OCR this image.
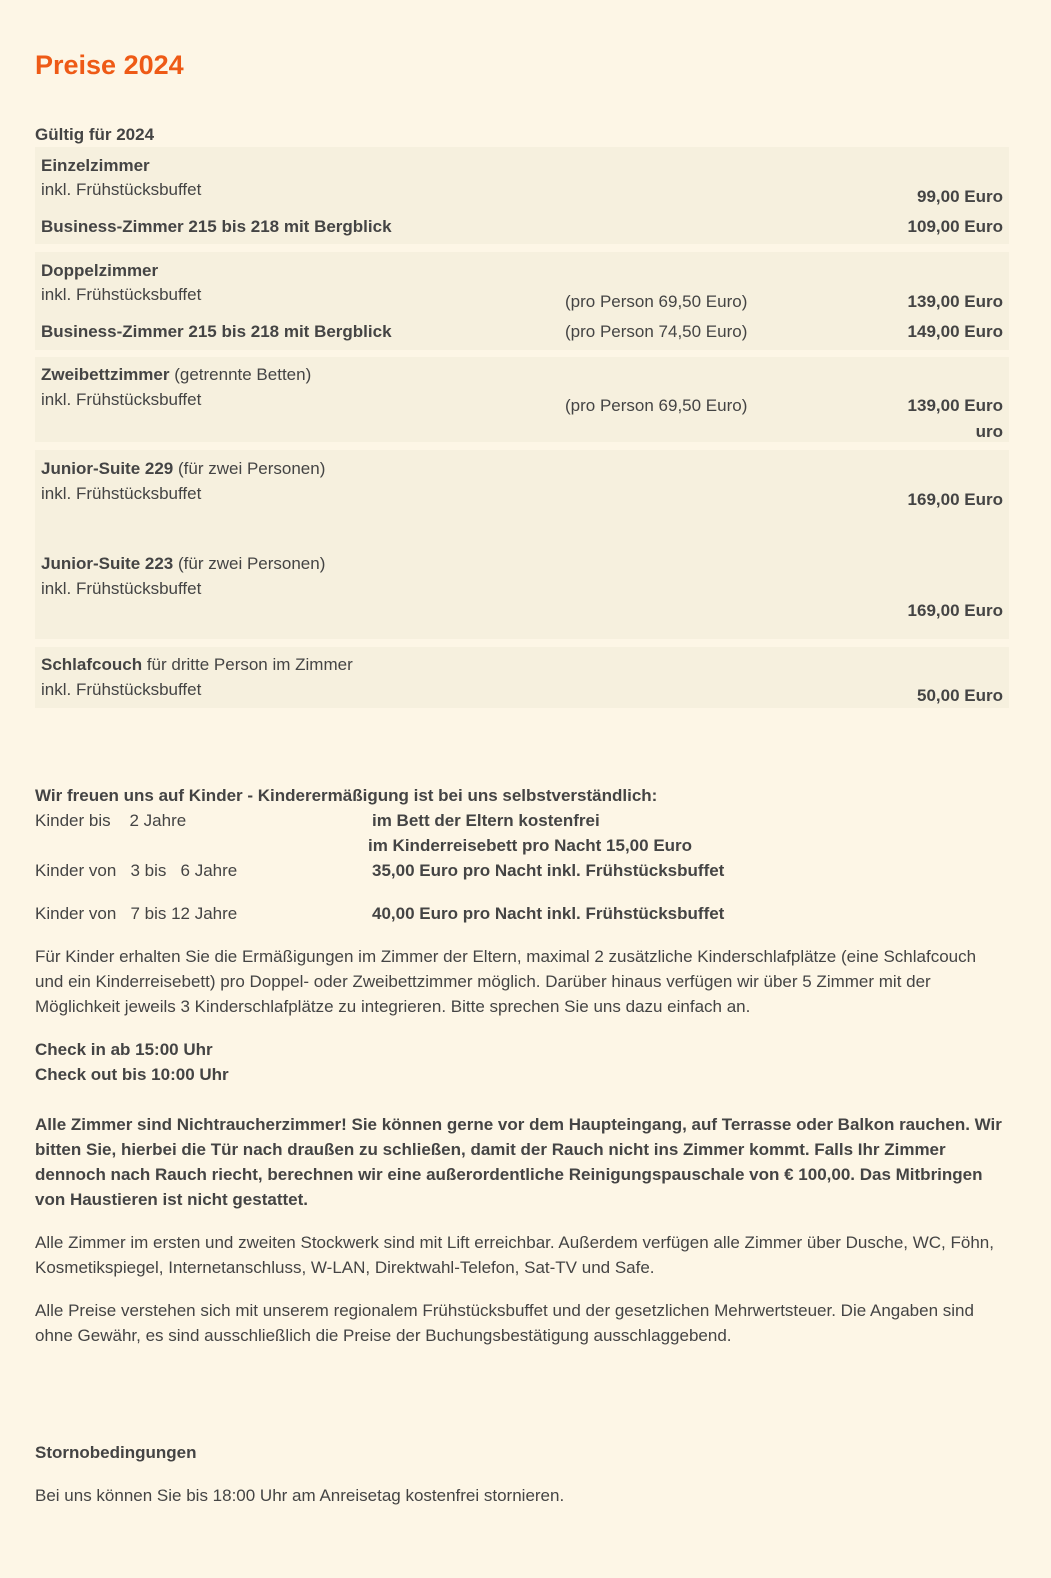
Preise 2024
Gültig für 2024
Einzelzimmer
inkl. Frühstücksbuffet	99,00 Euro
Business-Zimmer 215 bis 218 mit Bergblick	109,00 Euro
Doppelzimmer
inkl. Frühstücksbuffet	(pro Person 69,50 Euro)	139,00 Euro
Business-Zimmer 215 bis 218 mit Bergblick	(pro Person 74,50 Euro)	149,00 Euro
Zweibettzimmer (getrennte Betten)
inkl. Frühstücksbuffet	(pro Person 69,50 Euro)	139,00 Euro
uro
Junior-Suite 229 (für zwei Personen)
inkl. Frühstücksbuffet	169,00 Euro
Junior-Suite 223 (für zwei Personen)
inkl. Frühstücksbuffet
169,00 Euro
Schlafcouch für dritte Person im Zimmer
inkl. Frühstücksbuffet	50,00 Euro
Wir freuen uns auf Kinder - Kinderermäßigung ist bei uns selbstverständlich:
Kinder bis    2 Jahre	im Bett der Eltern kostenfrei
im Kinderreisebett pro Nacht 15,00 Euro
Kinder von   3 bis   6 Jahre	35,00 Euro pro Nacht inkl. Frühstücksbuffet
Kinder von   7 bis 12 Jahre	40,00 Euro pro Nacht inkl. Frühstücksbuffet

Für Kinder erhalten Sie die Ermäßigungen im Zimmer der Eltern, maximal 2 zusätzliche Kinderschlafplätze (eine Schlafcouch und ein Kinderreisebett) pro Doppel- oder Zweibettzimmer möglich. Darüber hinaus verfügen wir über 5 Zimmer mit der Möglichkeit jeweils 3 Kinderschlafplätze zu integrieren. Bitte sprechen Sie uns dazu einfach an.

Check in ab 15:00 Uhr
Check out bis 10:00 Uhr

Alle Zimmer sind Nichtraucherzimmer! Sie können gerne vor dem Haupteingang, auf Terrasse oder Balkon rauchen. Wir bitten Sie, hierbei die Tür nach draußen zu schließen, damit der Rauch nicht ins Zimmer kommt. Falls Ihr Zimmer dennoch nach Rauch riecht, berechnen wir eine außerordentliche Reinigungspauschale von € 100,00. Das Mitbringen von Haustieren ist nicht gestattet.

Alle Zimmer im ersten und zweiten Stockwerk sind mit Lift erreichbar. Außerdem verfügen alle Zimmer über Dusche, WC, Föhn, Kosmetikspiegel, Internetanschluss, W-LAN, Direktwahl-Telefon, Sat-TV und Safe.

Alle Preise verstehen sich mit unserem regionalem Frühstücksbuffet und der gesetzlichen Mehrwertsteuer. Die Angaben sind ohne Gewähr, es sind ausschließlich die Preise der Buchungsbestätigung ausschlaggebend.

Stornobedingungen
Bei uns können Sie bis 18:00 Uhr am Anreisetag kostenfrei stornieren.
